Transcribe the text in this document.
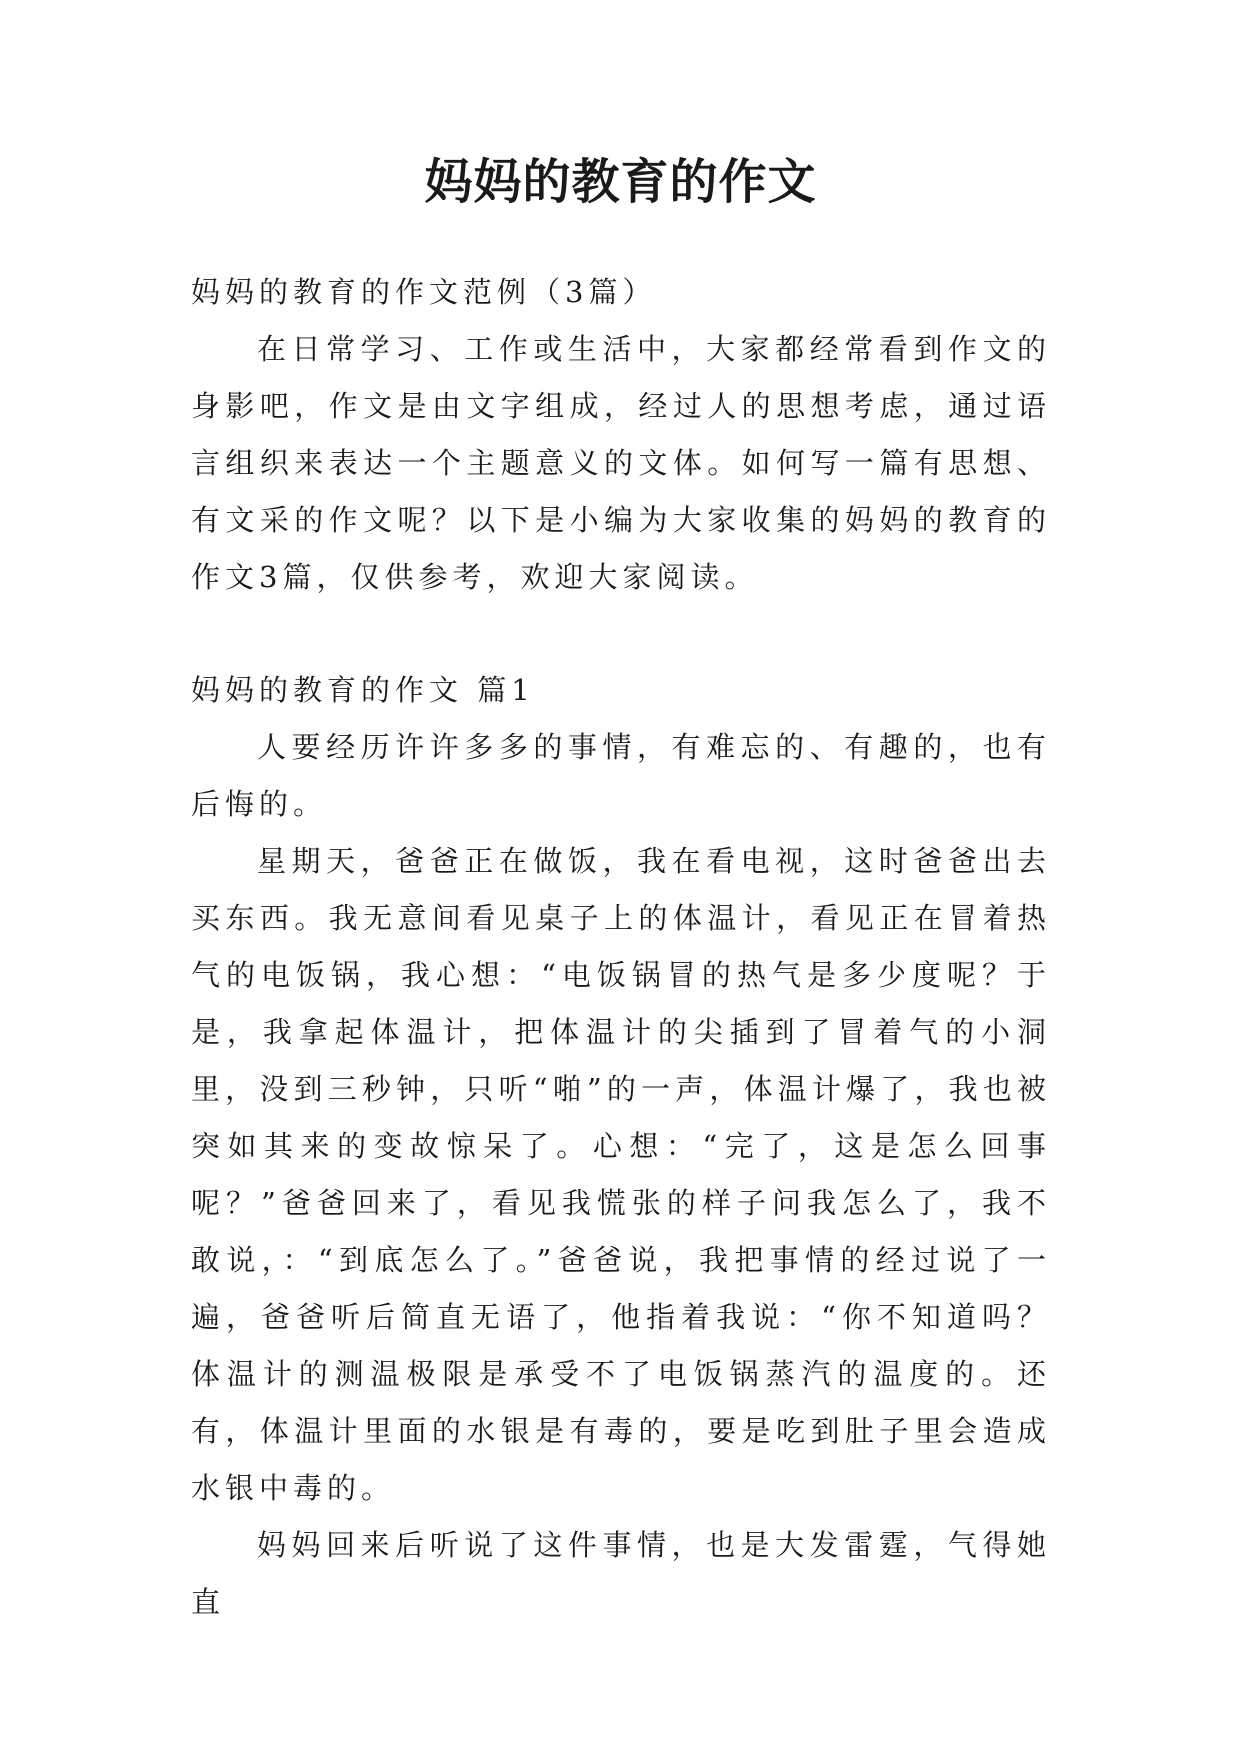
妈妈的教育的作文

妈妈的教育的作文范例（3篇）

在日常学习、工作或生活中，大家都经常看到作文的身影吧，作文是由文字组成，经过人的思想考虑，通过语言组织来表达一个主题意义的文体。如何写一篇有思想、有文采的作文呢？以下是小编为大家收集的妈妈的教育的作文3篇，仅供参考，欢迎大家阅读。

妈妈的教育的作文 篇1

人要经历许许多多的事情，有难忘的、有趣的，也有后悔的。

星期天，爸爸正在做饭，我在看电视，这时爸爸出去买东西。我无意间看见桌子上的体温计，看见正在冒着热气的电饭锅，我心想：“电饭锅冒的热气是多少度呢？于是，我拿起体温计，把体温计的尖插到了冒着气的小洞里，没到三秒钟，只听“啪”的一声，体温计爆了，我也被突如其来的变故惊呆了。心想：“完了，这是怎么回事呢？”爸爸回来了，看见我慌张的样子问我怎么了，我不敢说，：“到底怎么了。”爸爸说，我把事情的经过说了一遍，爸爸听后简直无语了，他指着我说：“你不知道吗？体温计的测温极限是承受不了电饭锅蒸汽的温度的。还有，体温计里面的水银是有毒的，要是吃到肚子里会造成水银中毒的。

妈妈回来后听说了这件事情，也是大发雷霆，气得她直
